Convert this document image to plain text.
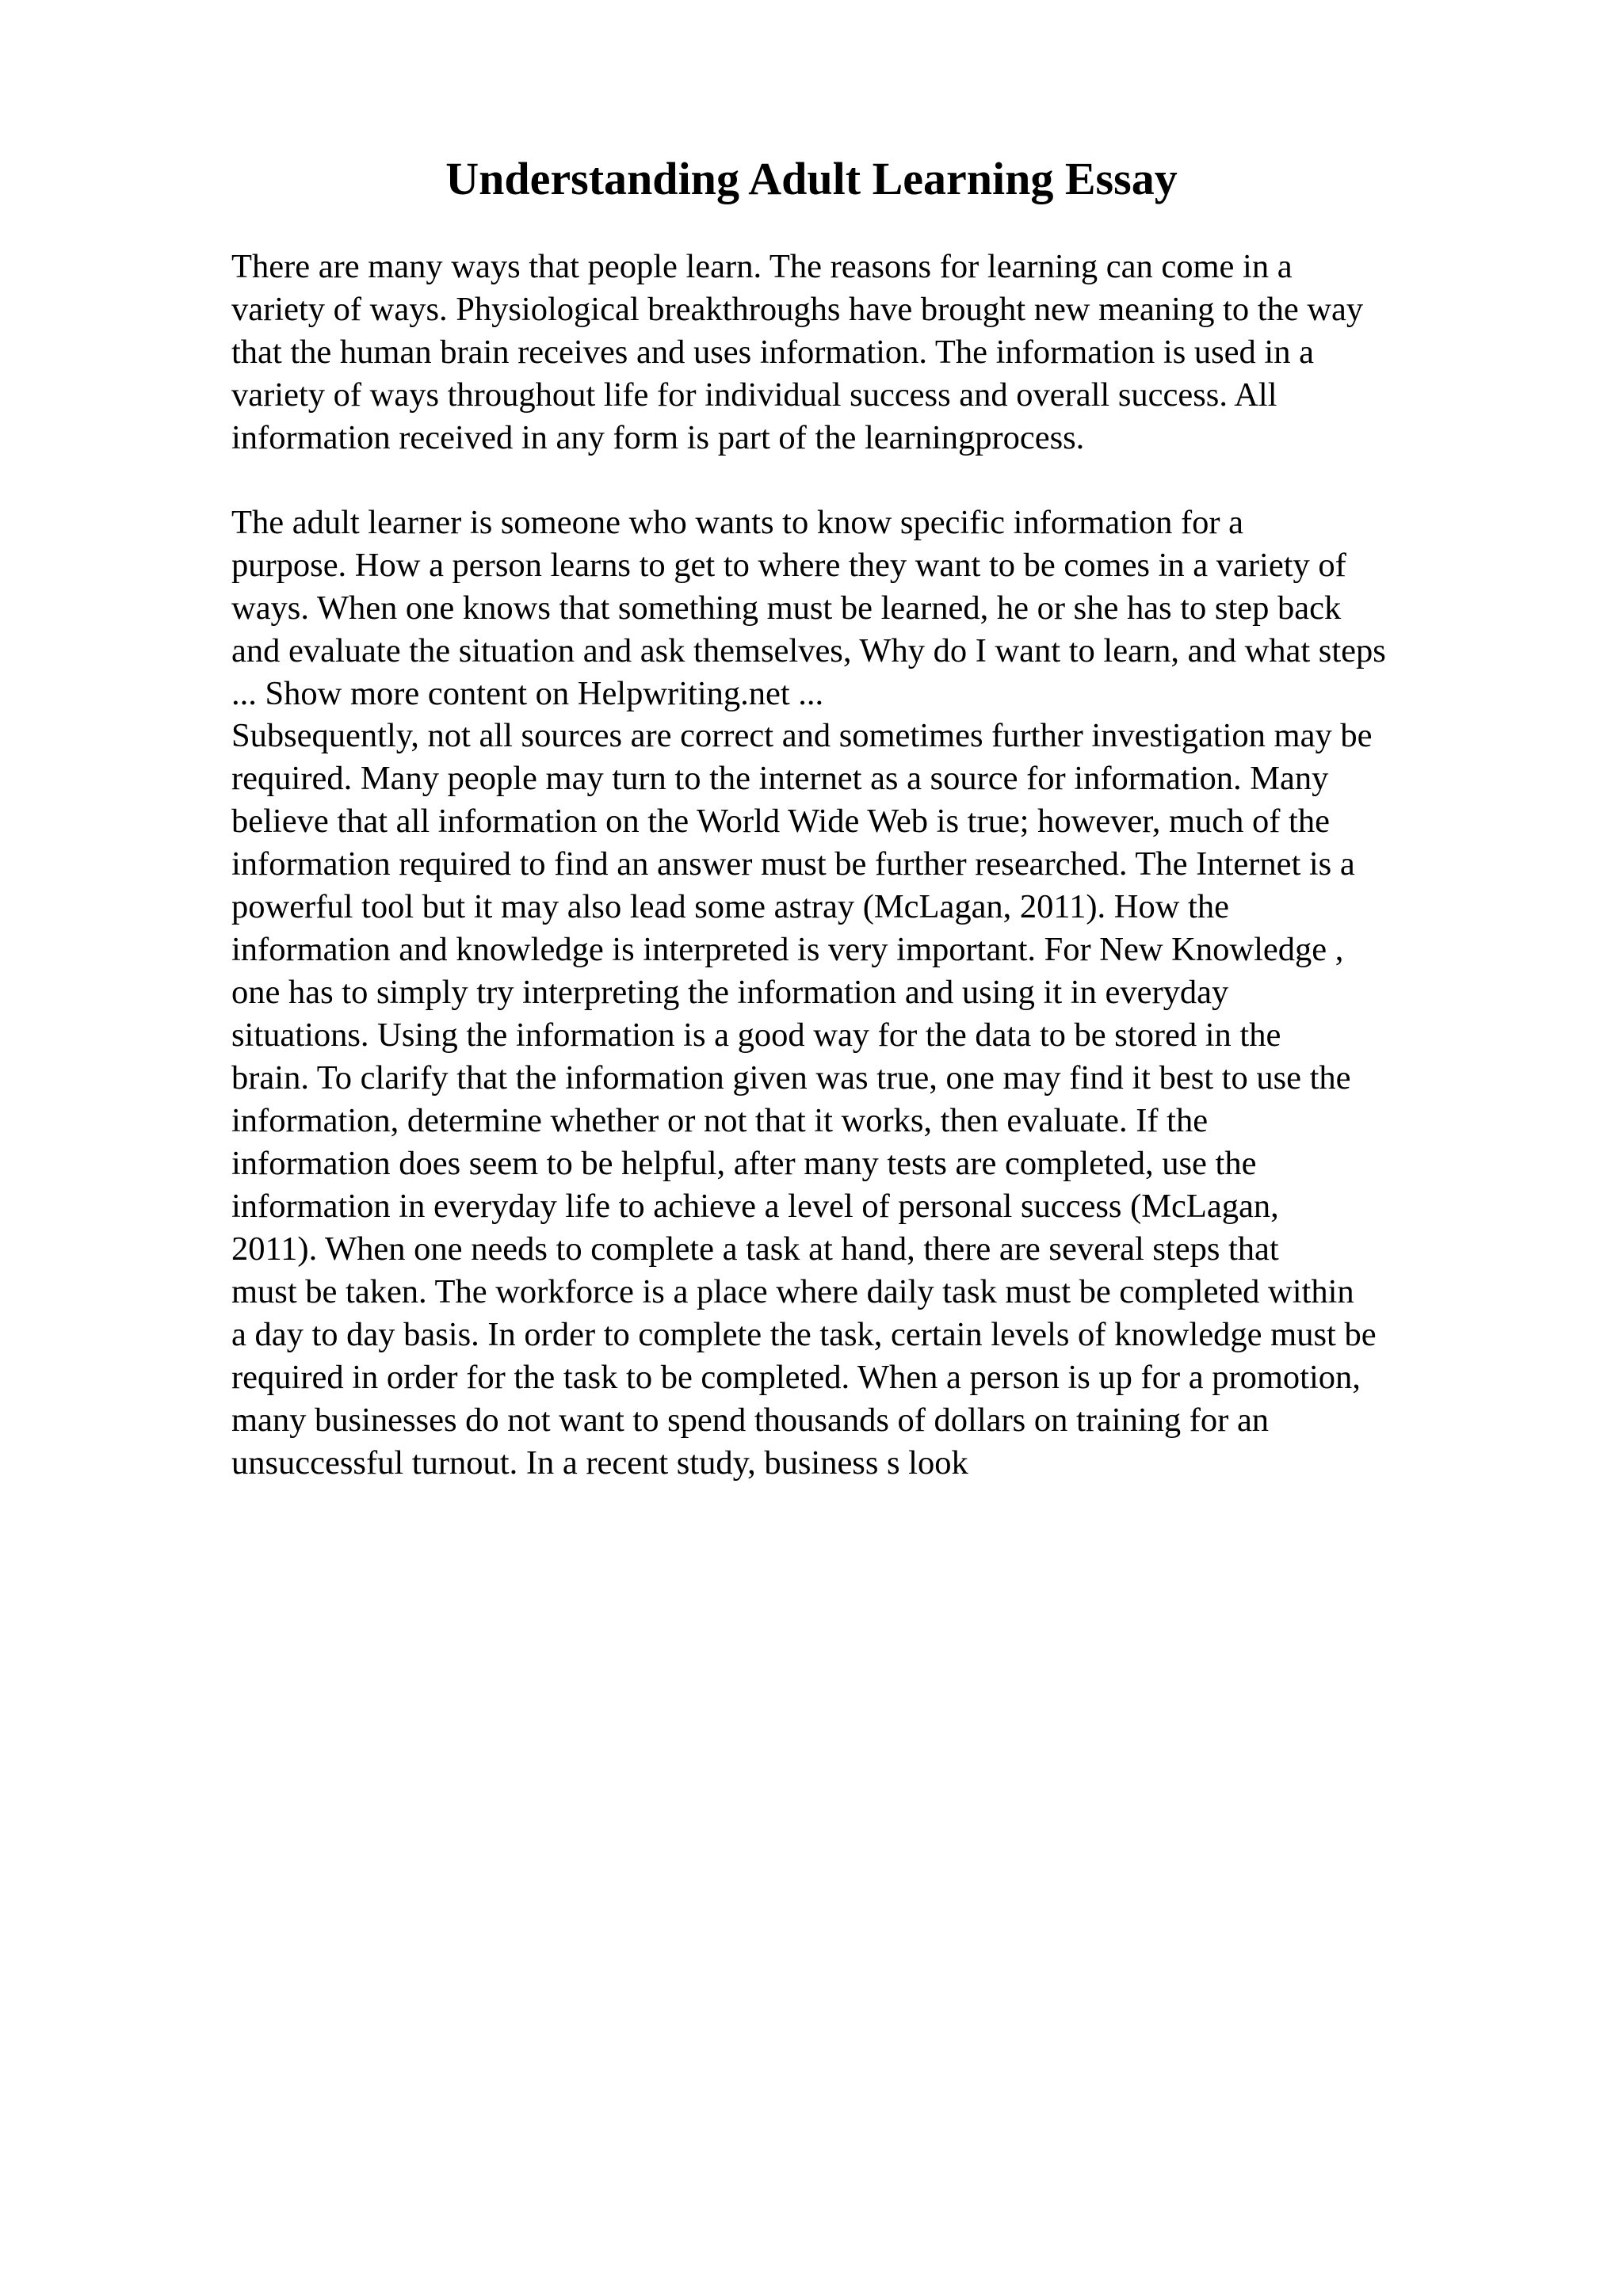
Understanding Adult Learning Essay
There are many ways that people learn. The reasons for learning can come in a
variety of ways. Physiological breakthroughs have brought new meaning to the way
that the human brain receives and uses information. The information is used in a
variety of ways throughout life for individual success and overall success. All
information received in any form is part of the learningprocess.
The adult learner is someone who wants to know specific information for a
purpose. How a person learns to get to where they want to be comes in a variety of
ways. When one knows that something must be learned, he or she has to step back
and evaluate the situation and ask themselves, Why do I want to learn, and what steps
... Show more content on Helpwriting.net ...
Subsequently, not all sources are correct and sometimes further investigation may be
required. Many people may turn to the internet as a source for information. Many
believe that all information on the World Wide Web is true; however, much of the
information required to find an answer must be further researched. The Internet is a
powerful tool but it may also lead some astray (McLagan, 2011). How the
information and knowledge is interpreted is very important. For New Knowledge ,
one has to simply try interpreting the information and using it in everyday
situations. Using the information is a good way for the data to be stored in the
brain. To clarify that the information given was true, one may find it best to use the
information, determine whether or not that it works, then evaluate. If the
information does seem to be helpful, after many tests are completed, use the
information in everyday life to achieve a level of personal success (McLagan,
2011). When one needs to complete a task at hand, there are several steps that
must be taken. The workforce is a place where daily task must be completed within
a day to day basis. In order to complete the task, certain levels of knowledge must be
required in order for the task to be completed. When a person is up for a promotion,
many businesses do not want to spend thousands of dollars on training for an
unsuccessful turnout. In a recent study, business s look
